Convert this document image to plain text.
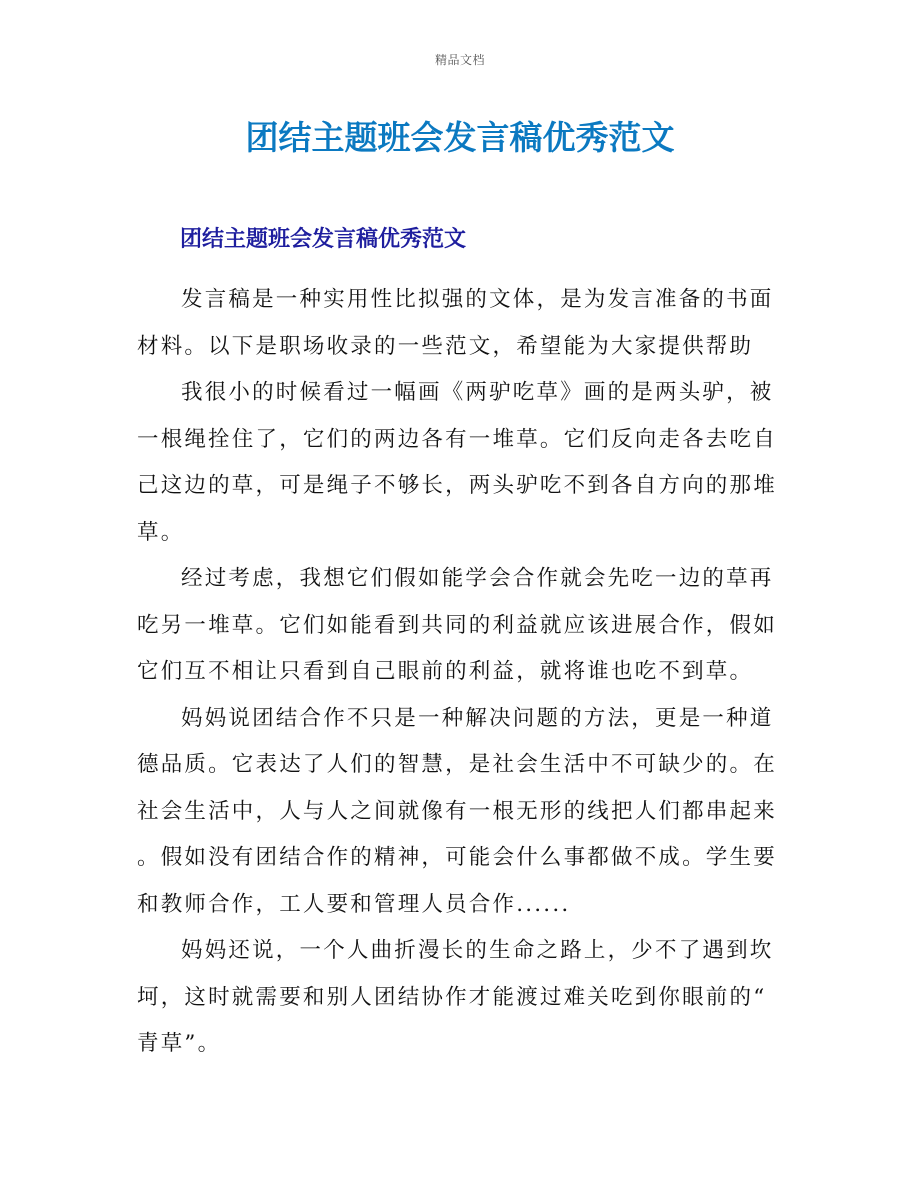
精品文档
团结主题班会发言稿优秀范文
团结主题班会发言稿优秀范文
发言稿是一种实用性比拟强的文体，是为发言准备的书面
材料。以下是职场收录的一些范文，希望能为大家提供帮助
我很小的时候看过一幅画《两驴吃草》画的是两头驴，被
一根绳拴住了，它们的两边各有一堆草。它们反向走各去吃自
己这边的草，可是绳子不够长，两头驴吃不到各自方向的那堆
草。
经过考虑，我想它们假如能学会合作就会先吃一边的草再
吃另一堆草。它们如能看到共同的利益就应该进展合作，假如
它们互不相让只看到自己眼前的利益，就将谁也吃不到草。
妈妈说团结合作不只是一种解决问题的方法，更是一种道
德品质。它表达了人们的智慧，是社会生活中不可缺少的。在
社会生活中，人与人之间就像有一根无形的线把人们都串起来
。假如没有团结合作的精神，可能会什么事都做不成。学生要
和教师合作，工人要和管理人员合作......
妈妈还说，一个人曲折漫长的生命之路上，少不了遇到坎
坷，这时就需要和别人团结协作才能渡过难关吃到你眼前的“
青草”。
